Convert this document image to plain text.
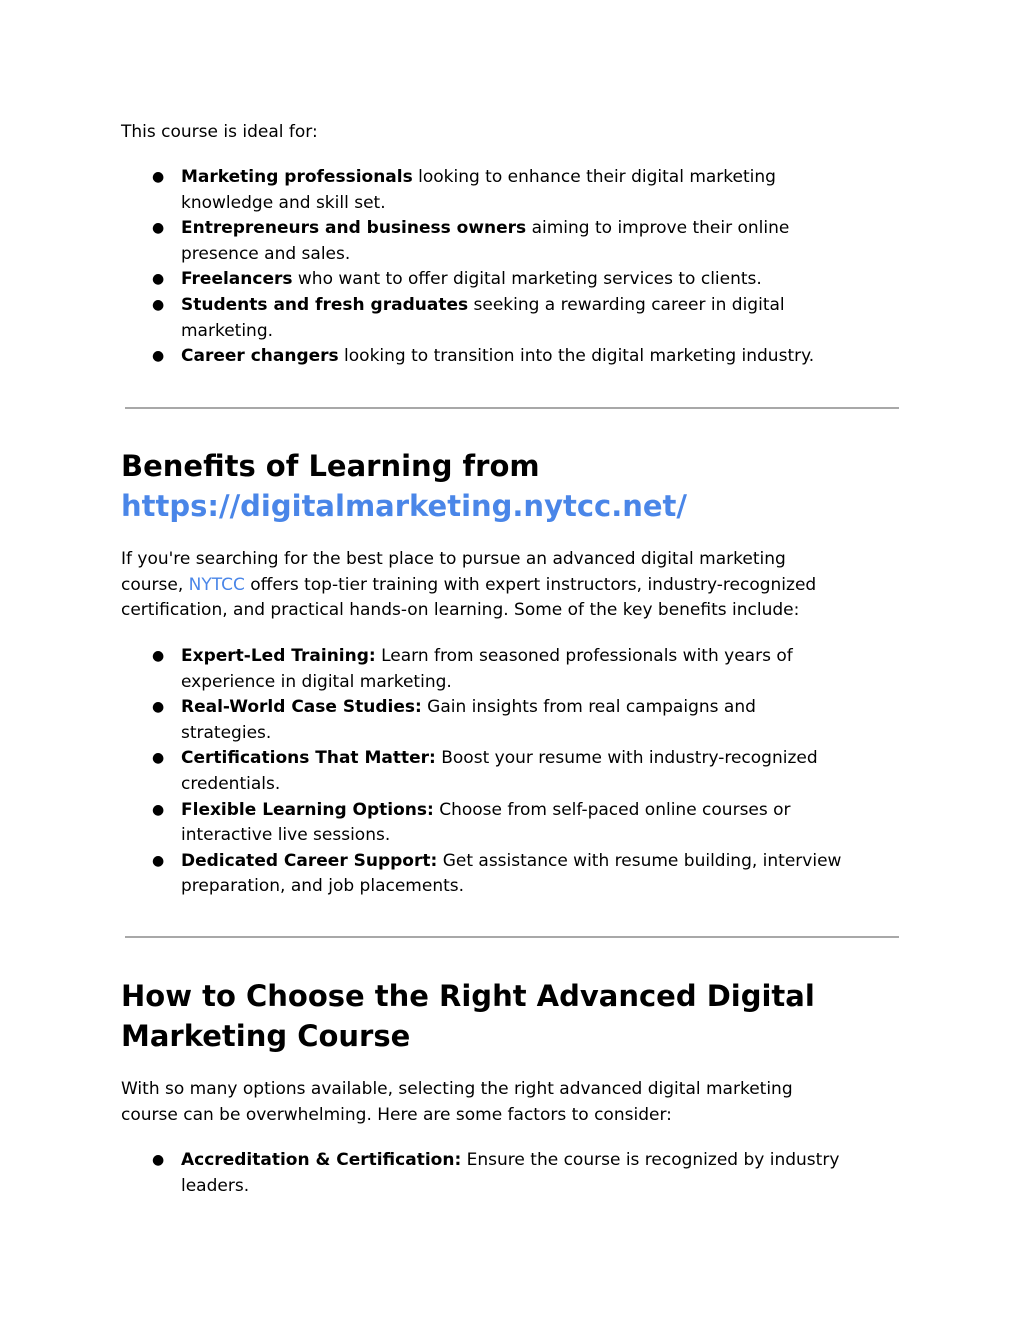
This course is ideal for:

● Marketing professionals looking to enhance their digital marketing
knowledge and skill set.
● Entrepreneurs and business owners aiming to improve their online
presence and sales.
● Freelancers who want to offer digital marketing services to clients.
● Students and fresh graduates seeking a rewarding career in digital
marketing.
● Career changers looking to transition into the digital marketing industry.
Benefits of Learning from
https://digitalmarketing.nytcc.net/

If you're searching for the best place to pursue an advanced digital marketing
course, NYTCC offers top-tier training with expert instructors, industry-recognized
certification, and practical hands-on learning. Some of the key benefits include:

● Expert-Led Training: Learn from seasoned professionals with years of
experience in digital marketing.
● Real-World Case Studies: Gain insights from real campaigns and
strategies.
● Certifications That Matter: Boost your resume with industry-recognized
credentials.
● Flexible Learning Options: Choose from self-paced online courses or
interactive live sessions.
● Dedicated Career Support: Get assistance with resume building, interview
preparation, and job placements.
How to Choose the Right Advanced Digital
Marketing Course

With so many options available, selecting the right advanced digital marketing
course can be overwhelming. Here are some factors to consider:

● Accreditation & Certification: Ensure the course is recognized by industry
leaders.
